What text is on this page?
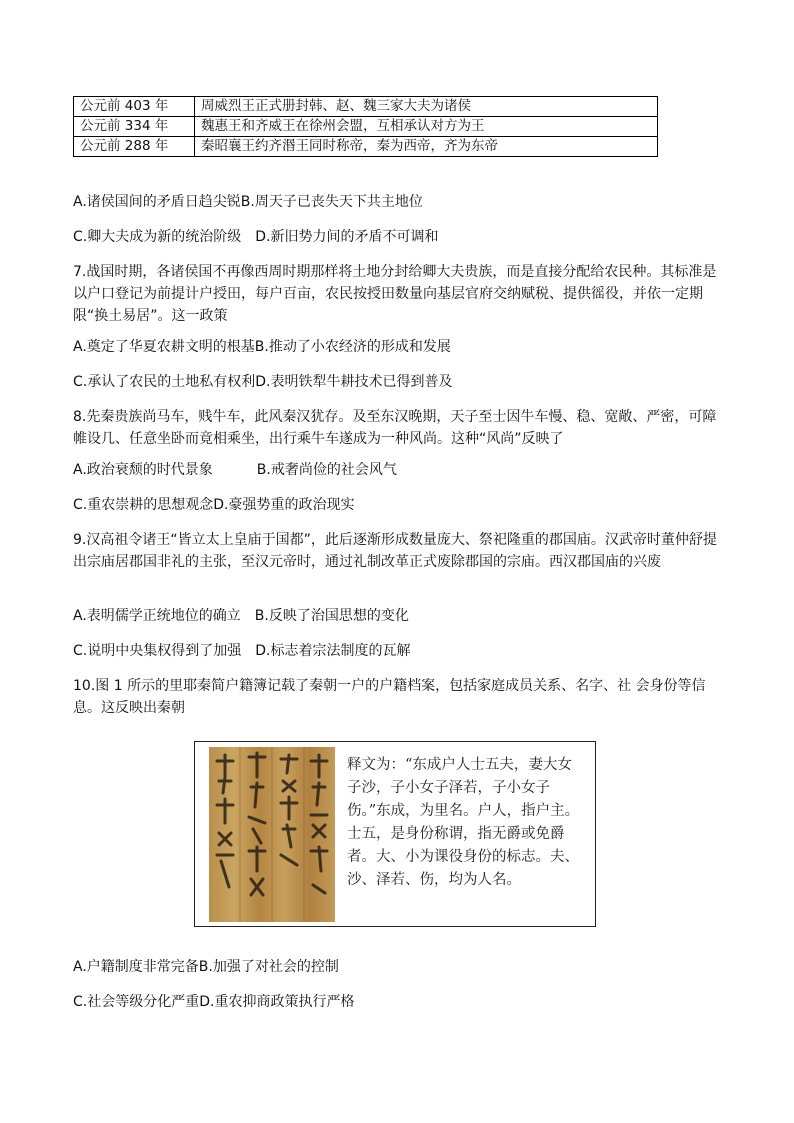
公元前 403 年	周威烈王正式册封韩、赵、魏三家大夫为诸侯
公元前 334 年	魏惠王和齐威王在徐州会盟，互相承认对方为王
公元前 288 年	秦昭襄王约齐湣王同时称帝，秦为西帝，齐为东帝
A.诸侯国间的矛盾日趋尖锐B.周天子已丧失天下共主地位
C.卿大夫成为新的统治阶级 D.新旧势力间的矛盾不可调和

7.战国时期，各诸侯国不再像西周时期那样将土地分封给卿大夫贵族，而是直接分配给农民种。其标准是以户口登记为前提计户授田，每户百亩，农民按授田数量向基层官府交纳赋税、提供徭役，并依一定期限“换土易居”。这一政策

A.奠定了华夏农耕文明的根基B.推动了小农经济的形成和发展
C.承认了农民的土地私有权利D.表明铁犁牛耕技术已得到普及

8.先秦贵族尚马车，贱牛车，此风秦汉犹存。及至东汉晚期，天子至士因牛车慢、稳、宽敞、严密，可障帷设几、任意坐卧而竟相乘坐，出行乘牛车遂成为一种风尚。这种“风尚”反映了

A.政治衰颓的时代景象	B.戒奢尚俭的社会风气
C.重农崇耕的思想观念D.豪强势重的政治现实

9.汉高祖令诸王“皆立太上皇庙于国都”，此后逐渐形成数量庞大、祭祀隆重的郡国庙。汉武帝时董仲舒提出宗庙居郡国非礼的主张，至汉元帝时，通过礼制改革正式废除郡国的宗庙。西汉郡国庙的兴废

A.表明儒学正统地位的确立 B.反映了治国思想的变化
C.说明中央集权得到了加强 D.标志着宗法制度的瓦解

10.图 1 所示的里耶秦简户籍簿记载了秦朝一户的户籍档案，包括家庭成员关系、名字、社 会身份等信息。这反映出秦朝

释文为：“东成户人士五夫，妻大女子沙，子小女子泽若，子小女子伤。”东成，为里名。户人，指户主。士五，是身份称谓，指无爵或免爵者。大、小为课役身份的标志。夫、沙、泽若、伤，均为人名。
A.户籍制度非常完备B.加强了对社会的控制
C.社会等级分化严重D.重农抑商政策执行严格
